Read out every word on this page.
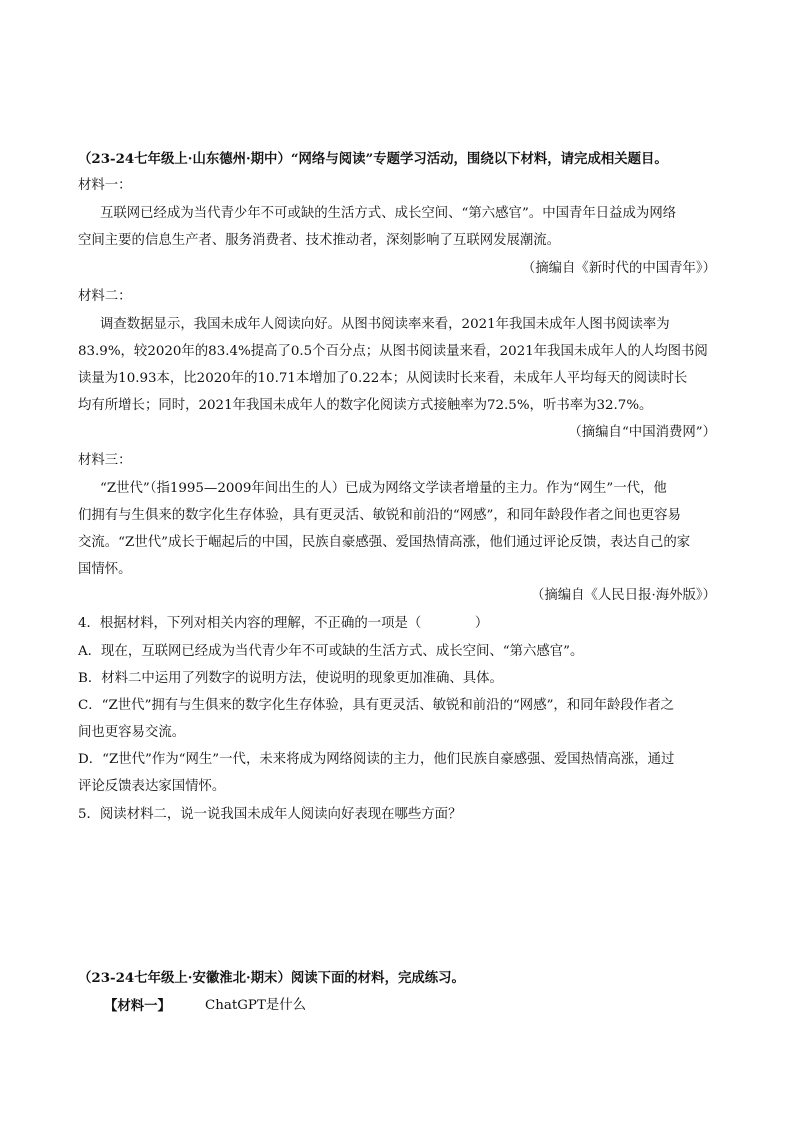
（23-24七年级上·山东德州·期中）“网络与阅读”专题学习活动，围绕以下材料，请完成相关题目。
材料一：
互联网已经成为当代青少年不可或缺的生活方式、成长空间、“第六感官”。中国青年日益成为网络
空间主要的信息生产者、服务消费者、技术推动者，深刻影响了互联网发展潮流。
（摘编自《新时代的中国青年》）
材料二：
调查数据显示，我国未成年人阅读向好。从图书阅读率来看，2021年我国未成年人图书阅读率为
83.9%，较2020年的83.4%提高了0.5个百分点；从图书阅读量来看，2021年我国未成年人的人均图书阅
读量为10.93本，比2020年的10.71本增加了0.22本；从阅读时长来看，未成年人平均每天的阅读时长
均有所增长；同时，2021年我国未成年人的数字化阅读方式接触率为72.5%，听书率为32.7%。
（摘编自“中国消费网”）
材料三：
“Z世代”（指1995—2009年间出生的人）已成为网络文学读者增量的主力。作为“网生”一代，他
们拥有与生俱来的数字化生存体验，具有更灵活、敏锐和前沿的“网感”，和同年龄段作者之间也更容易
交流。“Z世代”成长于崛起后的中国，民族自豪感强、爱国热情高涨，他们通过评论反馈，表达自己的家
国情怀。
（摘编自《人民日报·海外版》）
4．根据材料，下列对相关内容的理解，不正确的一项是（　　　　）
A．现在，互联网已经成为当代青少年不可或缺的生活方式、成长空间、“第六感官”。
B．材料二中运用了列数字的说明方法，使说明的现象更加准确、具体。
C．“Z世代”拥有与生俱来的数字化生存体验，具有更灵活、敏锐和前沿的“网感”，和同年龄段作者之
间也更容易交流。
D．“Z世代”作为“网生”一代，未来将成为网络阅读的主力，他们民族自豪感强、爱国热情高涨，通过
评论反馈表达家国情怀。
5．阅读材料二，说一说我国未成年人阅读向好表现在哪些方面？
（23-24七年级上·安徽淮北·期末）阅读下面的材料，完成练习。
【材料一】	ChatGPT是什么
